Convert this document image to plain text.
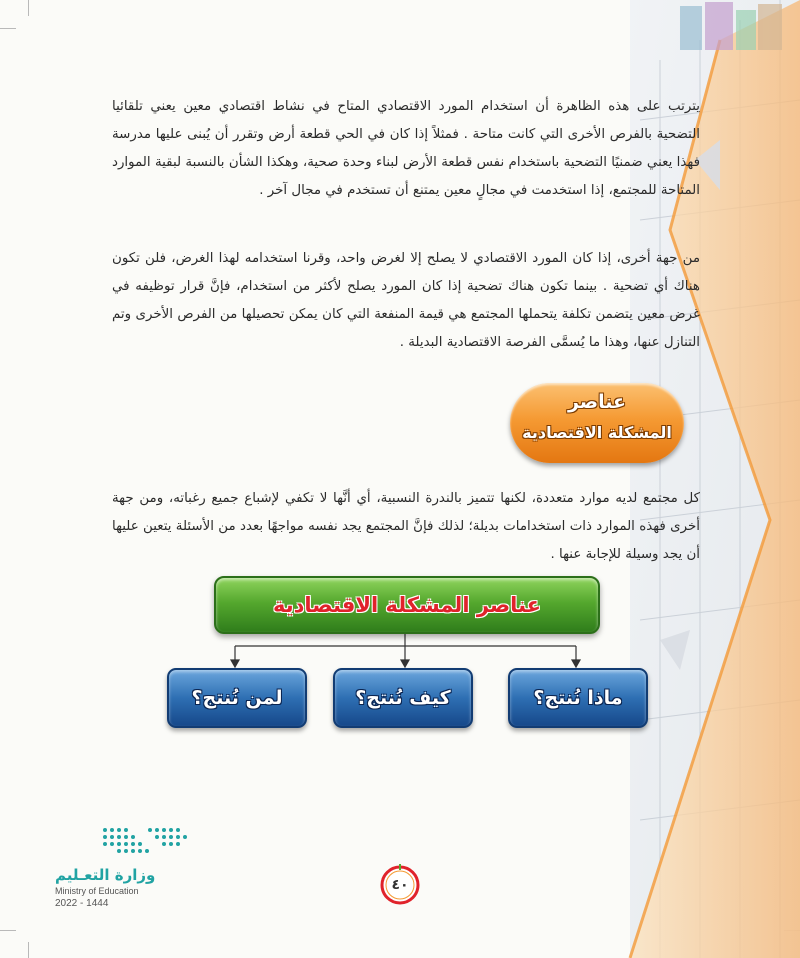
يترتب على هذه الظاهرة أن استخدام المورد الاقتصادي المتاح في نشاط اقتصادي معين يعني تلقائيا التضحية بالفرص الأخرى التي كانت متاحة . فمثلاً إذا كان في الحي قطعة أرض وتقرر أن يُبنى عليها مدرسة فهذا يعني ضمنيًا التضحية باستخدام نفس قطعة الأرض لبناء وحدة صحية، وهكذا الشأن بالنسبة لبقية الموارد المتاحة للمجتمع، إذا استخدمت في مجالٍ معين يمتنع أن تستخدم في مجال آخر .

من جهة أخرى، إذا كان المورد الاقتصادي لا يصلح إلا لغرض واحد، وقرنا استخدامه لهذا الغرض، فلن تكون هناك أي تضحية . بينما تكون هناك تضحية إذا كان المورد يصلح لأكثر من استخدام، فإنَّ قرار توظيفه في غرض معين يتضمن تكلفة يتحملها المجتمع هي قيمة المنفعة التي كان يمكن تحصيلها من الفرص الأخرى وتم التنازل عنها، وهذا ما يُسمَّى الفرصة الاقتصادية البديلة .

عناصر
المشكلة الاقتصادية

كل مجتمع لديه موارد متعددة، لكنها تتميز بالندرة النسبية، أي أنَّها لا تكفي لإشباع جميع رغباته، ومن جهة أخرى فهذه الموارد ذات استخدامات بديلة؛ لذلك فإنَّ المجتمع يجد نفسه مواجهًا بعدد من الأسئلة يتعين عليها أن يجد وسيلة للإجابة عنها .

عناصر المشكلة الاقتصادية
ماذا نُنتج؟
كيف نُنتج؟
لمن نُنتج؟
وزارة التعـليم
Ministry of Education
2022 - 1444
٤٠
